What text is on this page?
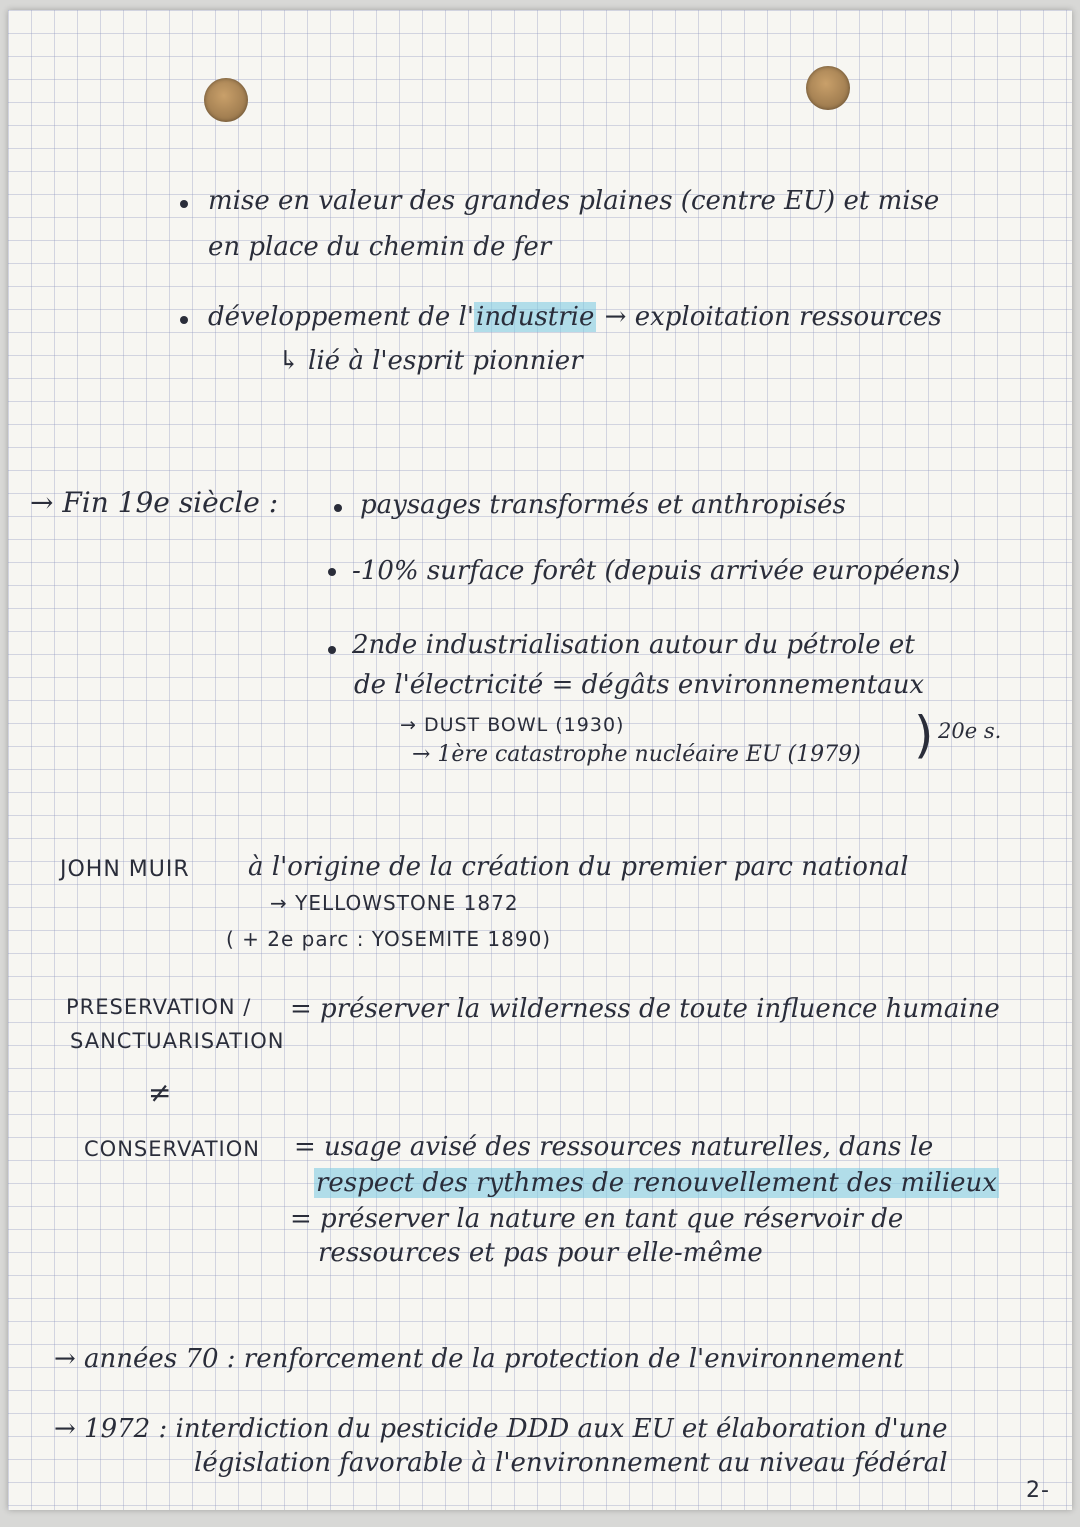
mise en valeur des grandes plaines (centre EU) et mise
en place du chemin de fer
développement de l'industrie → exploitation ressources
↳ lié à l'esprit pionnier
→ Fin 19e siècle :	paysages transformés et anthropisés
-10% surface forêt (depuis arrivée européens)
2nde industrialisation autour du pétrole et
de l'électricité = dégâts environnementaux
→ DUST BOWL (1930)
→ 1ère catastrophe nucléaire EU (1979) ) 20e s.
JOHN MUIR à l'origine de la création du premier parc national
→ YELLOWSTONE 1872
( + 2e parc : YOSEMITE 1890)
PRESERVATION /
SANCTUARISATION
= préserver la wilderness de toute influence humaine
≠
CONSERVATION = usage avisé des ressources naturelles, dans le
respect des rythmes de renouvellement des milieux
= préserver la nature en tant que réservoir de
ressources et pas pour elle-même
→ années 70 : renforcement de la protection de l'environnement
→ 1972 : interdiction du pesticide DDD aux EU et élaboration d'une
législation favorable à l'environnement au niveau fédéral
2-
